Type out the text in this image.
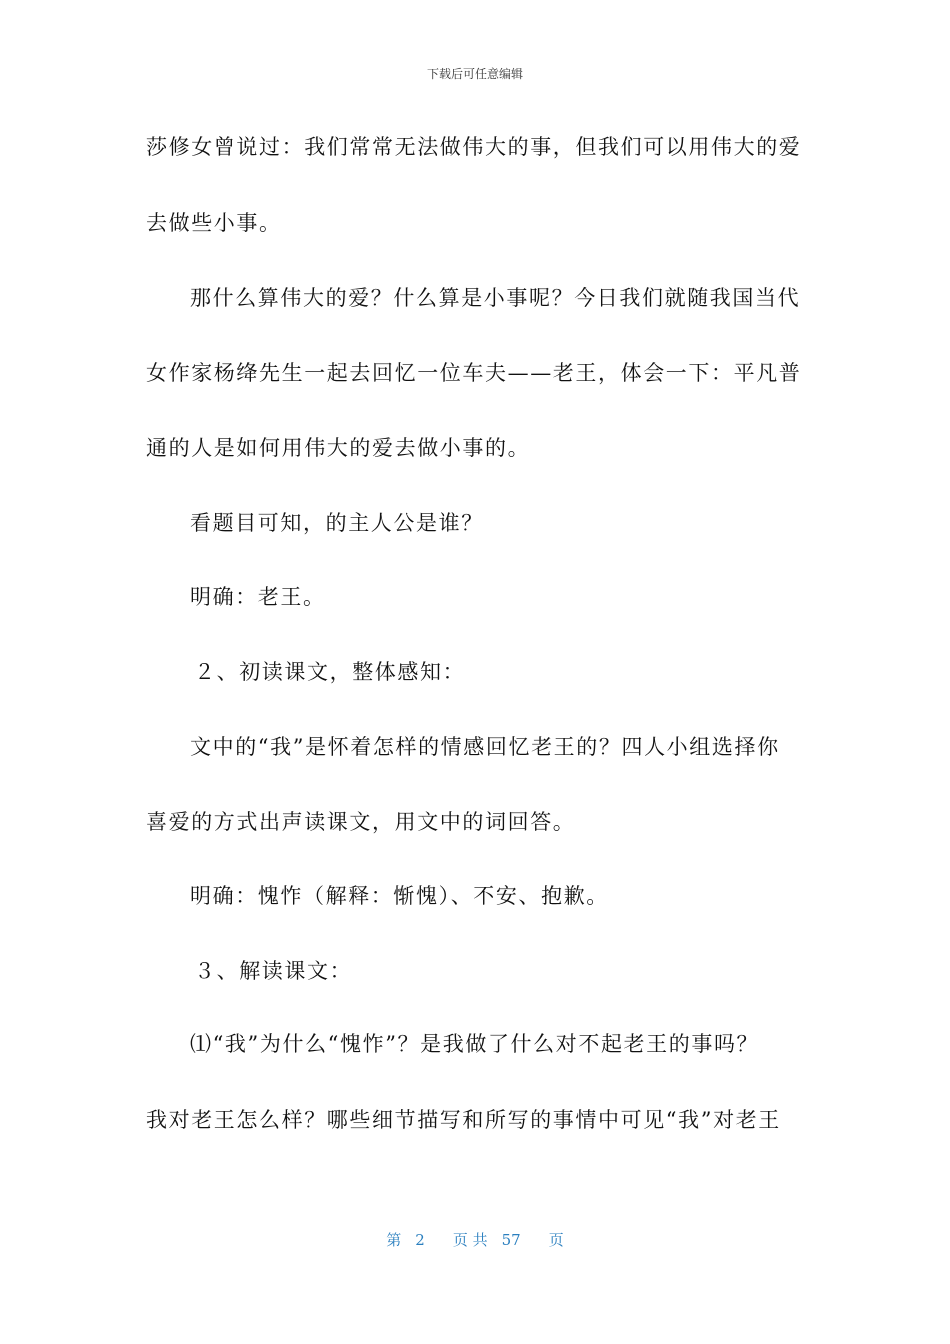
下载后可任意编辑
莎修女曾说过：我们常常无法做伟大的事，但我们可以用伟大的爱
去做些小事。
那什么算伟大的爱？什么算是小事呢？今日我们就随我国当代
女作家杨绛先生一起去回忆一位车夫——老王，体会一下：平凡普
通的人是如何用伟大的爱去做小事的。
看题目可知，的主人公是谁？
明确：老王。
２、初读课文，整体感知：
文中的“我”是怀着怎样的情感回忆老王的？四人小组选择你
喜爱的方式出声读课文，用文中的词回答。
明确：愧怍（解释：惭愧）、不安、抱歉。
３、解读课文：
⑴“我”为什么“愧怍”？是我做了什么对不起老王的事吗？
我对老王怎么样？哪些细节描写和所写的事情中可见“我”对老王
第 2 页 共 57 页
